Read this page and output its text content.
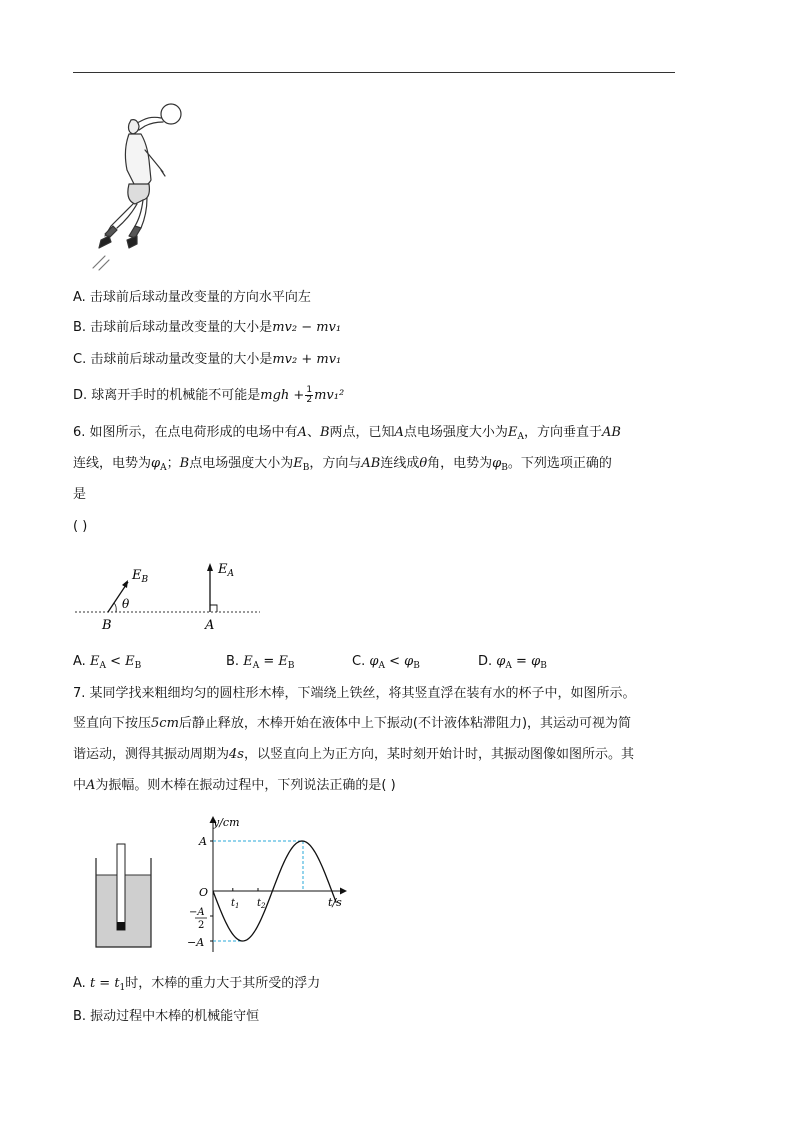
A. 击球前后球动量改变量的方向水平向左
B. 击球前后球动量改变量的大小是mv₂ − mv₁
C. 击球前后球动量改变量的大小是mv₂ + mv₁
D. 球离开手时的机械能不可能是mgh + $\frac{1}{2} mv_1^2$
6. 如图所示，在点电荷形成的电场中有A、B两点，已知A点电场强度大小为$E_A$，方向垂直于AB
连线，电势为$\varphi_A$；B点电场强度大小为$E_B$，方向与AB连线成θ角，电势为$\varphi_B$。下列选项正确的
是
( )
$E_B$
θ
B
$E_A$
A
A. $E_A < E_B$	B. $E_A = E_B$	C. $\varphi_A < \varphi_B$	D. $\varphi_A = \varphi_B$
7. 某同学找来粗细均匀的圆柱形木棒，下端绕上铁丝，将其竖直浮在装有水的杯子中，如图所示。
竖直向下按压5cm后静止释放，木棒开始在液体中上下振动(不计液体粘滞阻力)，其运动可视为简
谐运动，测得其振动周期为4s，以竖直向上为正方向，某时刻开始计时，其振动图像如图所示。其
中A为振幅。则木棒在振动过程中，下列说法正确的是( )
y/cm
t/s
O
A
−A
2
−A
$t_1$ $t_2$
A. $t = t_1$时，木棒的重力大于其所受的浮力
B. 振动过程中木棒的机械能守恒
